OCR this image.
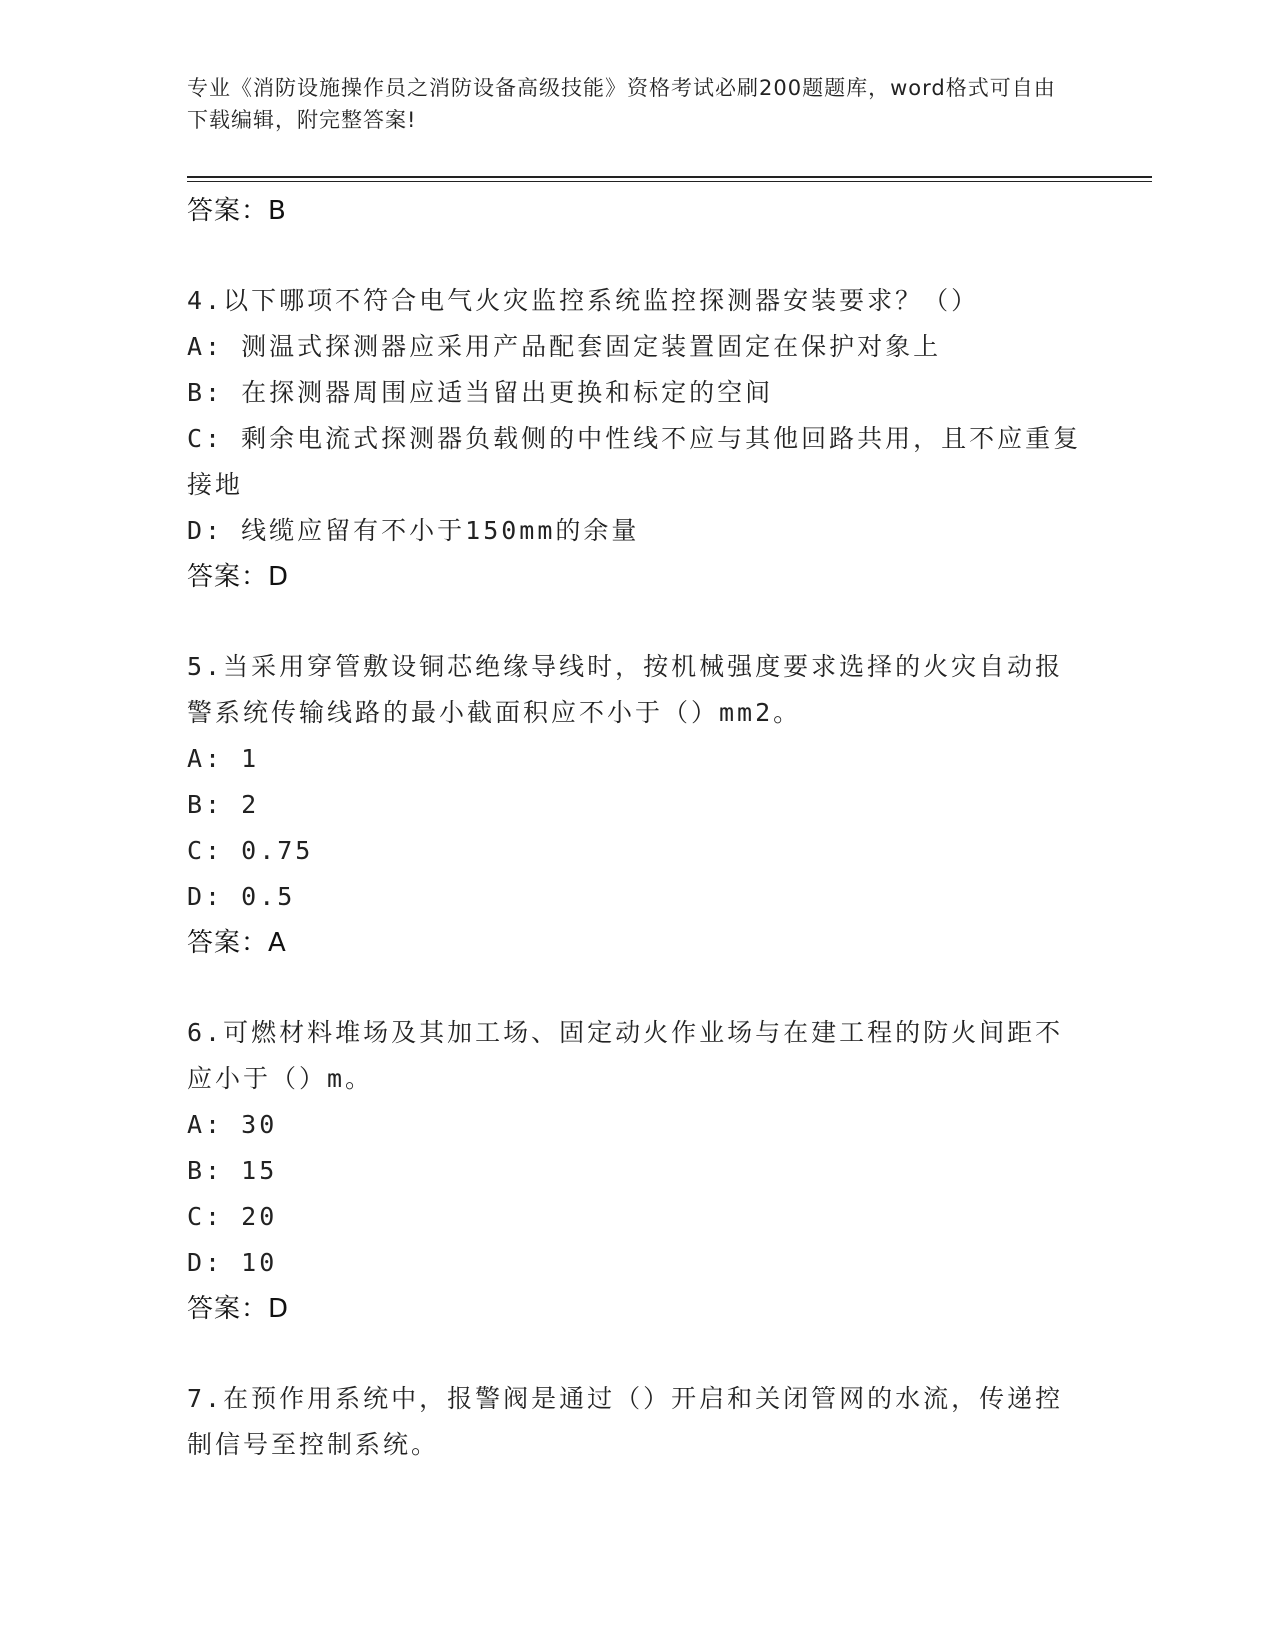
专业《消防设施操作员之消防设备高级技能》资格考试必刷200题题库，word格式可自由下载编辑，附完整答案!
答案：B
4.以下哪项不符合电气火灾监控系统监控探测器安装要求？（）
A: 测温式探测器应采用产品配套固定装置固定在保护对象上
B: 在探测器周围应适当留出更换和标定的空间
C: 剩余电流式探测器负载侧的中性线不应与其他回路共用，且不应重复接地
D: 线缆应留有不小于150mm的余量
答案：D
5.当采用穿管敷设铜芯绝缘导线时，按机械强度要求选择的火灾自动报警系统传输线路的最小截面积应不小于（）mm2。
A: 1
B: 2
C: 0.75
D: 0.5
答案：A
6.可燃材料堆场及其加工场、固定动火作业场与在建工程的防火间距不应小于（）m。
A: 30
B: 15
C: 20
D: 10
答案：D
7.在预作用系统中，报警阀是通过（）开启和关闭管网的水流，传递控制信号至控制系统。
